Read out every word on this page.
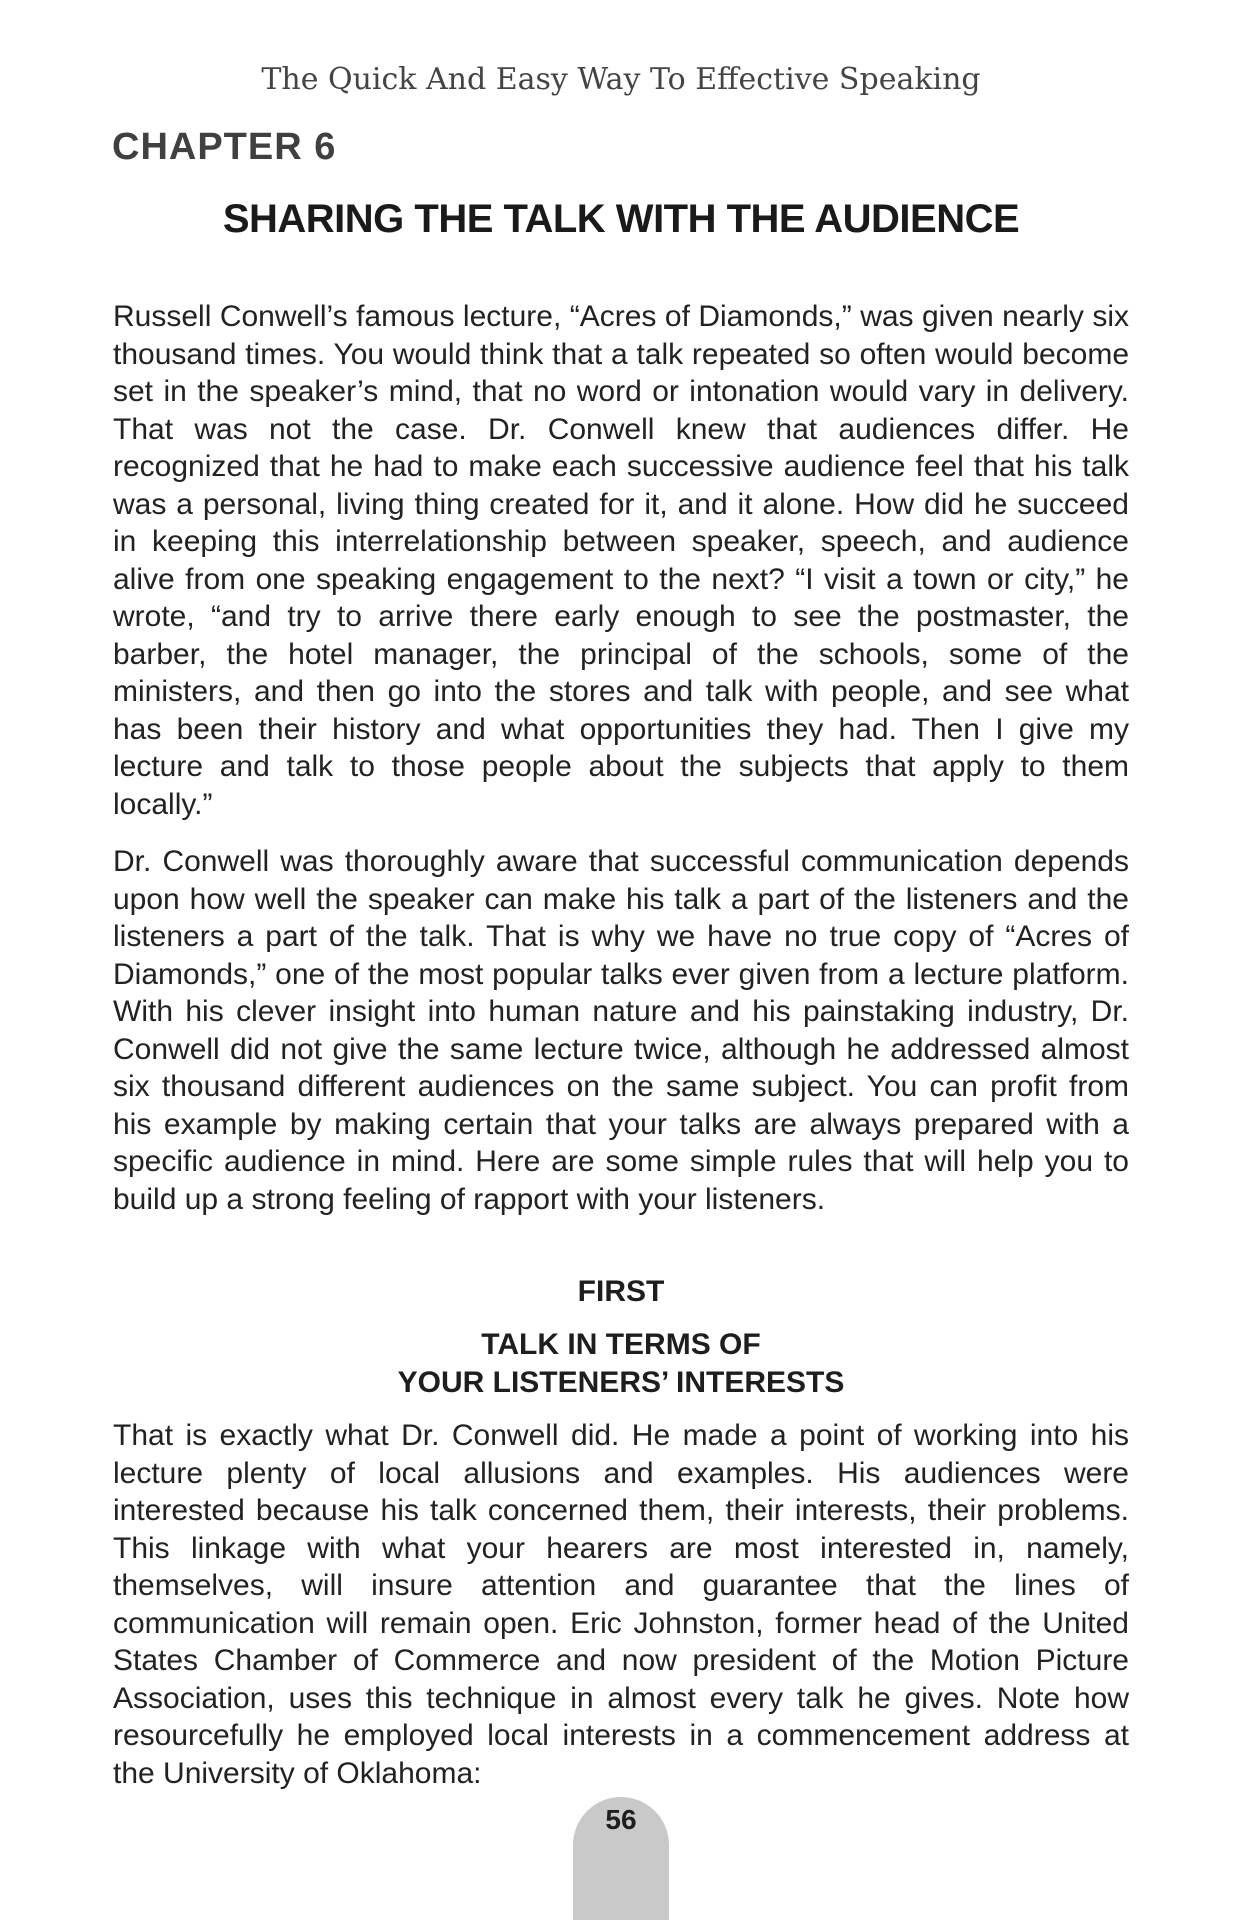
The Quick And Easy Way To Effective Speaking

CHAPTER 6
SHARING THE TALK WITH THE AUDIENCE

Russell Conwell’s famous lecture, “Acres of Diamonds,” was given nearly six thousand times. You would think that a talk repeated so often would become set in the speaker’s mind, that no word or intonation would vary in delivery. That was not the case. Dr. Conwell knew that audiences differ. He recognized that he had to make each successive audience feel that his talk was a personal, living thing created for it, and it alone. How did he succeed in keeping this interrelationship between speaker, speech, and audience alive from one speaking engagement to the next? “I visit a town or city,” he wrote, “and try to arrive there early enough to see the postmaster, the barber, the hotel manager, the principal of the schools, some of the ministers, and then go into the stores and talk with people, and see what has been their history and what opportunities they had. Then I give my lecture and talk to those people about the subjects that apply to them locally.”

Dr. Conwell was thoroughly aware that successful communication depends upon how well the speaker can make his talk a part of the listeners and the listeners a part of the talk. That is why we have no true copy of “Acres of Diamonds,” one of the most popular talks ever given from a lecture platform. With his clever insight into human nature and his painstaking industry, Dr. Conwell did not give the same lecture twice, although he addressed almost six thousand different audiences on the same subject. You can profit from his example by making certain that your talks are always prepared with a specific audience in mind. Here are some simple rules that will help you to build up a strong feeling of rapport with your listeners.

FIRST
TALK IN TERMS OF
YOUR LISTENERS’ INTERESTS

That is exactly what Dr. Conwell did. He made a point of working into his lecture plenty of local allusions and examples. His audiences were interested because his talk concerned them, their interests, their problems. This linkage with what your hearers are most interested in, namely, themselves, will insure attention and guarantee that the lines of communication will remain open. Eric Johnston, former head of the United States Chamber of Commerce and now president of the Motion Picture Association, uses this technique in almost every talk he gives. Note how resourcefully he employed local interests in a commencement address at the University of Oklahoma:

56
